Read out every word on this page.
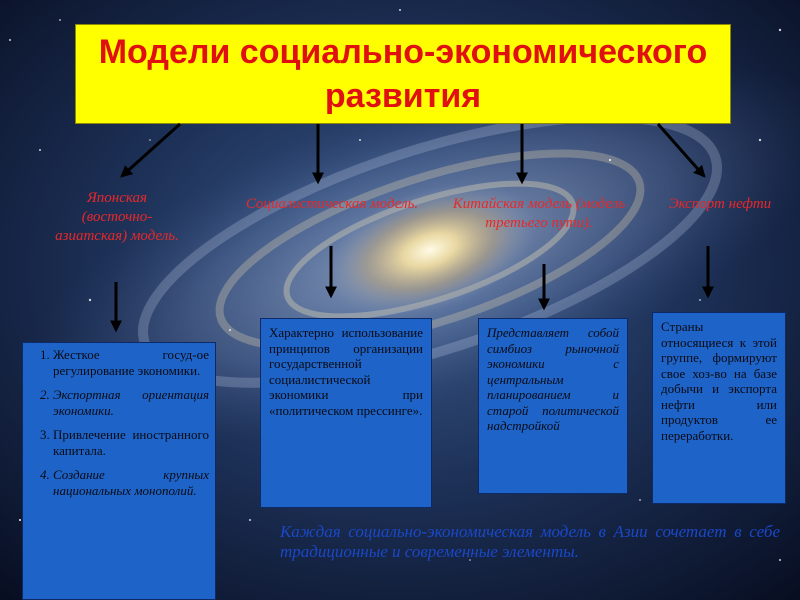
Модели социально-экономического развития
Японская (восточно-азиатская) модель.
Социалистическая модель.	Китайская модель (модель третьего пути).
Экспорт нефти
1. Жесткое госуд-ое регулирование экономики.
2. Экспортная ориентация экономики.
3. Привлечение иностранного капитала.
4. Создание крупных национальных монополий.

Характерно использование принципов организации государственной социалистической экономики при «политическом прессинге».

Представляет собой симбиоз рыночной экономики с центральным планированием и старой политической надстройкой

Страны относящиеся к этой группе, формируют свое хоз-во на базе добычи и экспорта нефти или продуктов ее переработки.

Каждая социально-экономическая модель в Азии сочетает в себе традиционные и современные элементы.
